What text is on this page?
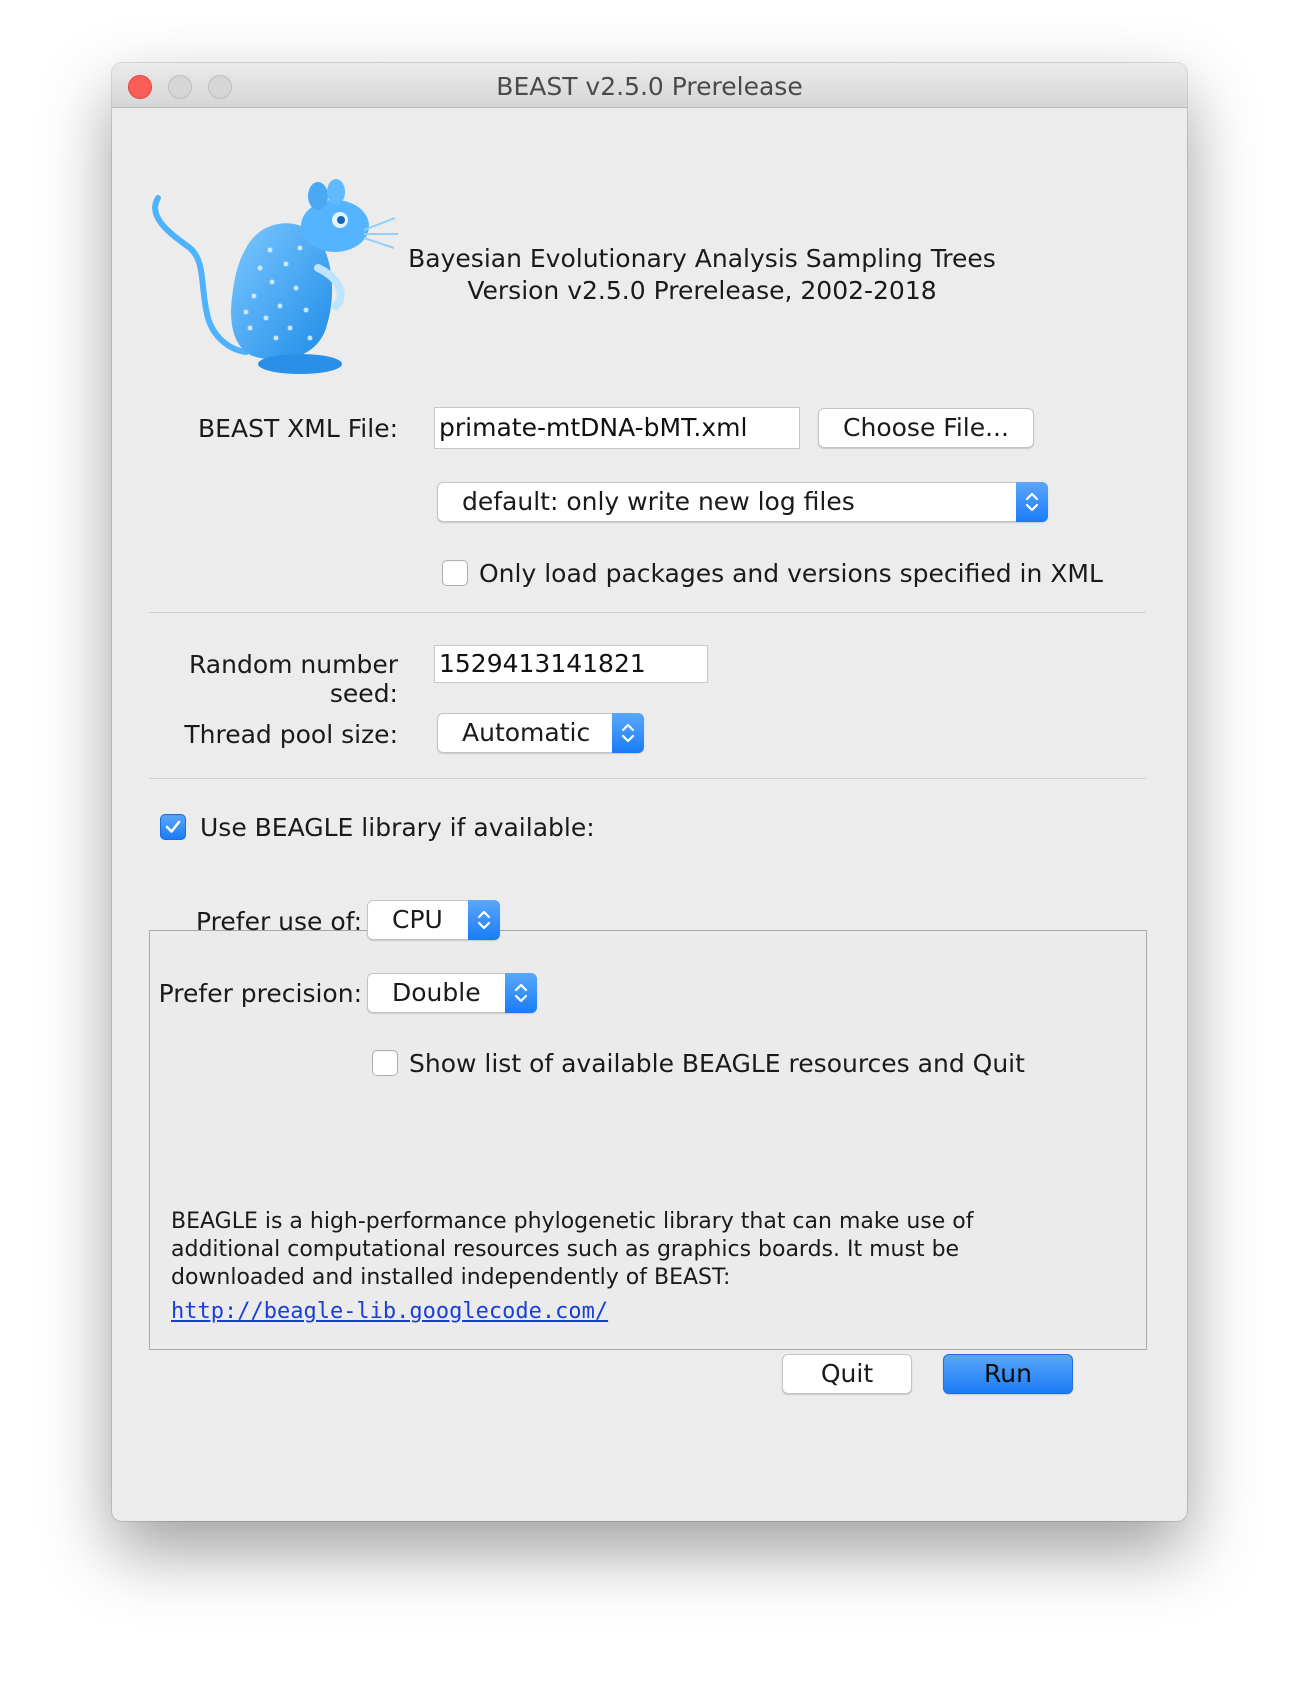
BEAST v2.5.0 Prerelease
Bayesian Evolutionary Analysis Sampling Trees
Version v2.5.0 Prerelease, 2002-2018
BEAST XML File: primate-mtDNA-bMT.xml	Choose File...
default: only write new log files
Only load packages and versions specified in XML
Random number seed:
1529413141821
Thread pool size:	Automatic
Use BEAGLE library if available:
Prefer use of: CPU
Prefer precision: Double
Show list of available BEAGLE resources and Quit
BEAGLE is a high-performance phylogenetic library that can make use of
additional computational resources such as graphics boards. It must be
downloaded and installed independently of BEAST:
http://beagle-lib.googlecode.com/
Quit	Run
